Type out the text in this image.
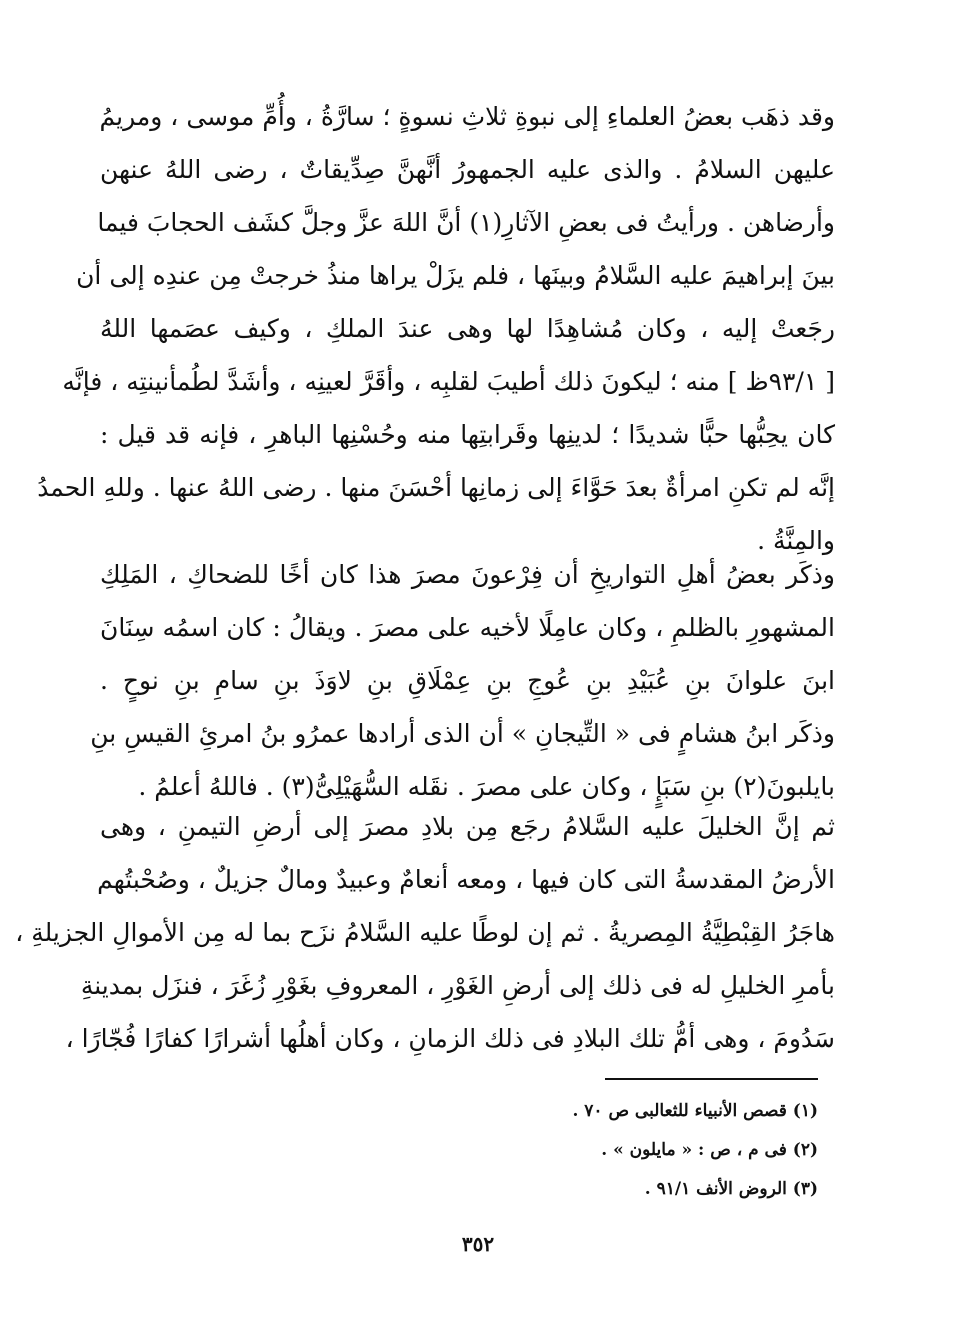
وقد ذهَب بعضُ العلماءِ إلى نبوةِ ثلاثِ نسوةٍ ؛ سارَّةُ ، وأُمِّ موسى ، ومريمُ
عليهن السلامُ . والذى عليه الجمهورُ أنَّهنَّ صِدِّيقاتٌ ، رضى اللهُ عنهن
وأرضاهن . ورأيتُ فى بعضِ الآثارِ(١) أنَّ اللهَ عزَّ وجلَّ كشَف الحجابَ فيما
بينَ إبراهيمَ عليه السَّلامُ وبينَها ، فلم يزَلْ يراها منذُ خرجتْ مِن عندِه إلى أن
رجَعتْ إليه ، وكان مُشاهِدًا لها وهى عندَ الملكِ ، وكيف عصَمها اللهُ
[ ٩٣/١ظ ] منه ؛ ليكونَ ذلك أطيبَ لقلبِه ، وأقَرَّ لعينِه ، وأشَدَّ لطُمأنينتِه ، فإنَّه
كان يحِبُّها حبًّا شديدًا ؛ لدينِها وقَرابتِها منه وحُسْنِها الباهرِ ، فإنه قد قيل :
إنَّه لم تكنِ امرأةٌ بعدَ حَوَّاءَ إلى زمانِها أحْسَنَ منها . رضى اللهُ عنها . وللهِ الحمدُ
والمِنَّةُ .
وذكَر بعضُ أهلِ التواريخِ أن فِرْعونَ مصرَ هذا كان أخًا للضحاكِ ، المَلِكِ
المشهورِ بالظلمِ ، وكان عامِلًا لأخيه على مصرَ . ويقالُ : كان اسمُه سِنَانَ
ابنَ علوانَ بنِ عُبَيْدِ بنِ عُوجِ بنِ عِمْلَاقِ بنِ لاوَذَ بنِ سامِ بنِ نوحٍ .
وذكَر ابنُ هشامٍ فى « التِّيجانِ » أن الذى أرادها عمرُو بنُ امرئِ القيسِ بنِ
بايلبونَ(٢) بنِ سَبَإٍ ، وكان على مصرَ . نقَله السُّهَيْلِىُّ(٣) . فاللهُ أعلمُ .
ثم إنَّ الخليلَ عليه السَّلامُ رجَع مِن بلادِ مصرَ إلى أرضِ التيمنِ ، وهى
الأرضُ المقدسةُ التى كان فيها ، ومعه أنعامٌ وعبيدٌ ومالٌ جزيلٌ ، وصُحْبتُهم
هاجَرُ القِبْطِيَّةُ المِصريةُ . ثم إن لوطًا عليه السَّلامُ نزَح بما له مِن الأموالِ الجزيلةِ ،
بأمرِ الخليلِ له فى ذلك إلى أرضِ الغَوْرِ ، المعروفِ بغَوْرِ زُغَرَ ، فنزَل بمدينةِ
سَدُومَ ، وهى أمُّ تلك البلادِ فى ذلك الزمانِ ، وكان أهلُها أشرارًا كفارًا فُجّارًا ،
(١) قصص الأنبياء للثعالبى ص ٧٠ .
(٢) فى م ، ص : « مايلون » .
(٣) الروض الأنف ٩١/١ .
٣٥٢
